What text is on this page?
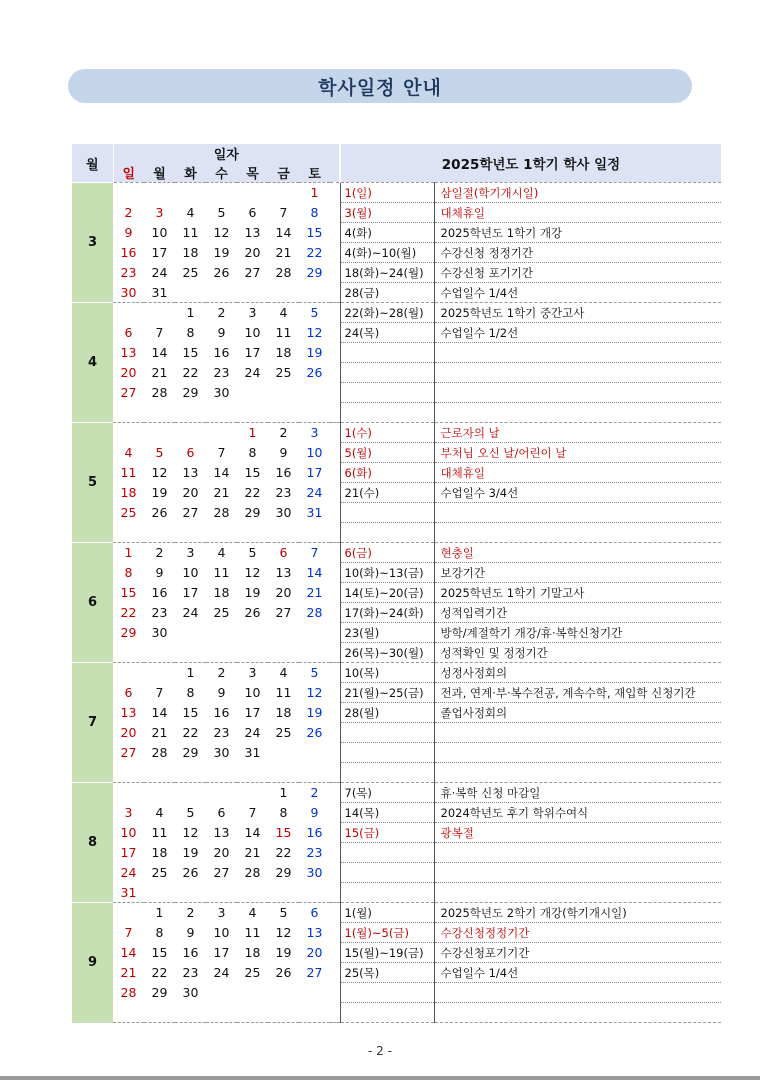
학사일정 안내
월	일자								2025학년도 1학기 학사 일정	
	일	월	화	수	목	금	토			
3							1		1(일)	삼일절(학기개시일)
	2	3	4	5	6	7	8		3(월)	대체휴일
	9	10	11	12	13	14	15		4(화)	2025학년도 1학기 개강
	16	17	18	19	20	21	22		4(화)~10(월)	수강신청 정정기간
	23	24	25	26	27	28	29		18(화)~24(월)	수강신청 포기기간
	30	31							28(금)	수업일수 1/4선
4			1	2	3	4	5		22(화)~28(월)	2025학년도 1학기 중간고사
	6	7	8	9	10	11	12		24(목)	수업일수 1/2선
	13	14	15	16	17	18	19			
	20	21	22	23	24	25	26			
	27	28	29	30						

5					1	2	3		1(수)	근로자의 날
	4	5	6	7	8	9	10		5(월)	부처님 오신 날/어린이 날
	11	12	13	14	15	16	17		6(화)	대체휴일
	18	19	20	21	22	23	24		21(수)	수업일수 3/4선
	25	26	27	28	29	30	31			

6	1	2	3	4	5	6	7		6(금)	현충일
	8	9	10	11	12	13	14		10(화)~13(금)	보강기간
	15	16	17	18	19	20	21		14(토)~20(금)	2025학년도 1학기 기말고사
	22	23	24	25	26	27	28		17(화)~24(화)	성적입력기간
	29	30							23(월)	방학/계절학기 개강/휴·복학신청기간
									26(목)~30(월)	성적확인 및 정정기간
7			1	2	3	4	5		10(목)	성정사정회의
	6	7	8	9	10	11	12		21(월)~25(금)	전과, 연계·부·복수전공, 계속수학, 재입학 신청기간
	13	14	15	16	17	18	19		28(월)	졸업사정회의
	20	21	22	23	24	25	26			
	27	28	29	30	31					

8						1	2		7(목)	휴·복학 신청 마감일
	3	4	5	6	7	8	9		14(목)	2024학년도 후기 학위수여식
	10	11	12	13	14	15	16		15(금)	광복절
	17	18	19	20	21	22	23			
	24	25	26	27	28	29	30			
	31									
9		1	2	3	4	5	6		1(월)	2025학년도 2학기 개강(학기개시일)
	7	8	9	10	11	12	13		1(월)~5(금)	수강신청정정기간
	14	15	16	17	18	19	20		15(월)~19(금)	수강신청포기기간
	21	22	23	24	25	26	27		25(목)	수업일수 1/4선
	28	29	30							

- 2 -
